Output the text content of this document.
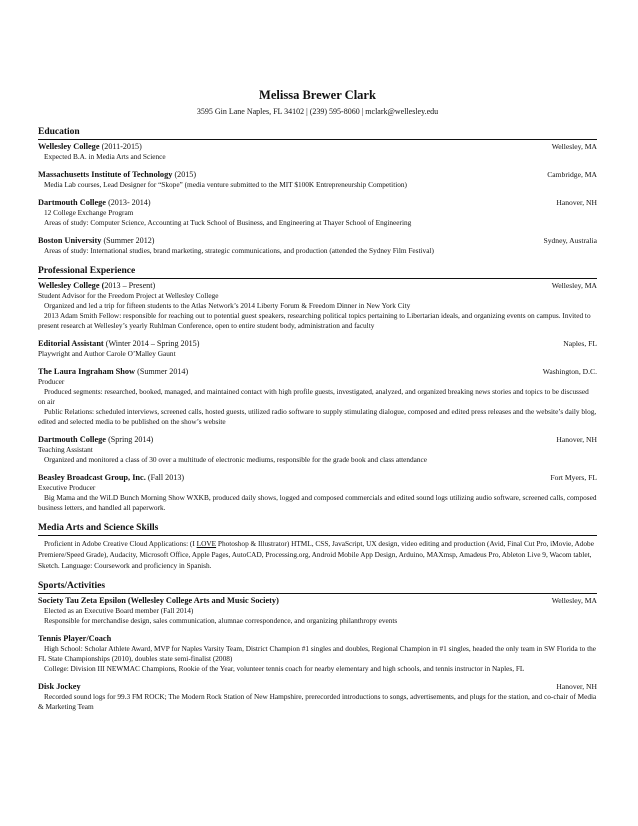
Melissa Brewer Clark
3595 Gin Lane Naples, FL 34102 | (239) 595-8060 | mclark@wellesley.edu
Education
Wellesley College (2011-2015)	Wellesley, MA
Expected B.A. in Media Arts and Science
Massachusetts Institute of Technology (2015)	Cambridge, MA
Media Lab courses, Lead Designer for “Skope” (media venture submitted to the MIT $100K Entrepreneurship Competition)
Dartmouth College (2013- 2014)	Hanover, NH
12 College Exchange Program
Areas of study: Computer Science, Accounting at Tuck School of Business, and Engineering at Thayer School of Engineering
Boston University (Summer 2012)	Sydney, Australia
Areas of study: International studies, brand marketing, strategic communications, and production (attended the Sydney Film Festival)
Professional Experience
Wellesley College (2013 – Present)	Wellesley, MA
Student Advisor for the Freedom Project at Wellesley College
Organized and led a trip for fifteen students to the Atlas Network’s 2014 Liberty Forum & Freedom Dinner in New York City
2013 Adam Smith Fellow: responsible for reaching out to potential guest speakers, researching political topics pertaining to Libertarian ideals, and organizing events on campus. Invited to present research at Wellesley’s yearly Ruhlman Conference, open to entire student body, administration and faculty
Editorial Assistant (Winter 2014 – Spring 2015)	Naples, FL
Playwright and Author Carole O’Malley Gaunt
The Laura Ingraham Show (Summer 2014)	Washington, D.C.
Producer
Produced segments: researched, booked, managed, and maintained contact with high profile guests, investigated, analyzed, and organized breaking news stories and topics to be discussed on air
Public Relations: scheduled interviews, screened calls, hosted guests, utilized radio software to supply stimulating dialogue, composed and edited press releases and the website’s daily blog, edited and selected media to be published on the show’s website
Dartmouth College (Spring 2014)	Hanover, NH
Teaching Assistant
Organized and monitored a class of 30 over a multitude of electronic mediums, responsible for the grade book and class attendance
Beasley Broadcast Group, Inc. (Fall 2013)	Fort Myers, FL
Executive Producer
Big Mama and the WiLD Bunch Morning Show WXKB, produced daily shows, logged and composed commercials and edited sound logs utilizing audio software, screened calls, composed business letters, and handled all paperwork.
Media Arts and Science Skills
Proficient in Adobe Creative Cloud Applications: (I LOVE Photoshop & Illustrator) HTML, CSS, JavaScript, UX design, video editing and production (Avid, Final Cut Pro, iMovie, Adobe Premiere/Speed Grade), Audacity, Microsoft Office, Apple Pages, AutoCAD, Processing.org, Android Mobile App Design, Arduino, MAXmsp, Amadeus Pro, Ableton Live 9, Wacom tablet, Sketch. Language: Coursework and proficiency in Spanish.
Sports/Activities
Society Tau Zeta Epsilon (Wellesley College Arts and Music Society)	Wellesley, MA
Elected as an Executive Board member (Fall 2014)
Responsible for merchandise design, sales communication, alumnae correspondence, and organizing philanthropy events
Tennis Player/Coach
High School: Scholar Athlete Award, MVP for Naples Varsity Team, District Champion #1 singles and doubles, Regional Champion in #1 singles, headed the only team in SW Florida to the FL State Championships (2010), doubles state semi-finalist (2008)
College: Division III NEWMAC Champions, Rookie of the Year, volunteer tennis coach for nearby elementary and high schools, and tennis instructor in Naples, FL
Disk Jockey	Hanover, NH
Recorded sound logs for 99.3 FM ROCK; The Modern Rock Station of New Hampshire, prerecorded introductions to songs, advertisements, and plugs for the station, and co-chair of Media & Marketing Team
